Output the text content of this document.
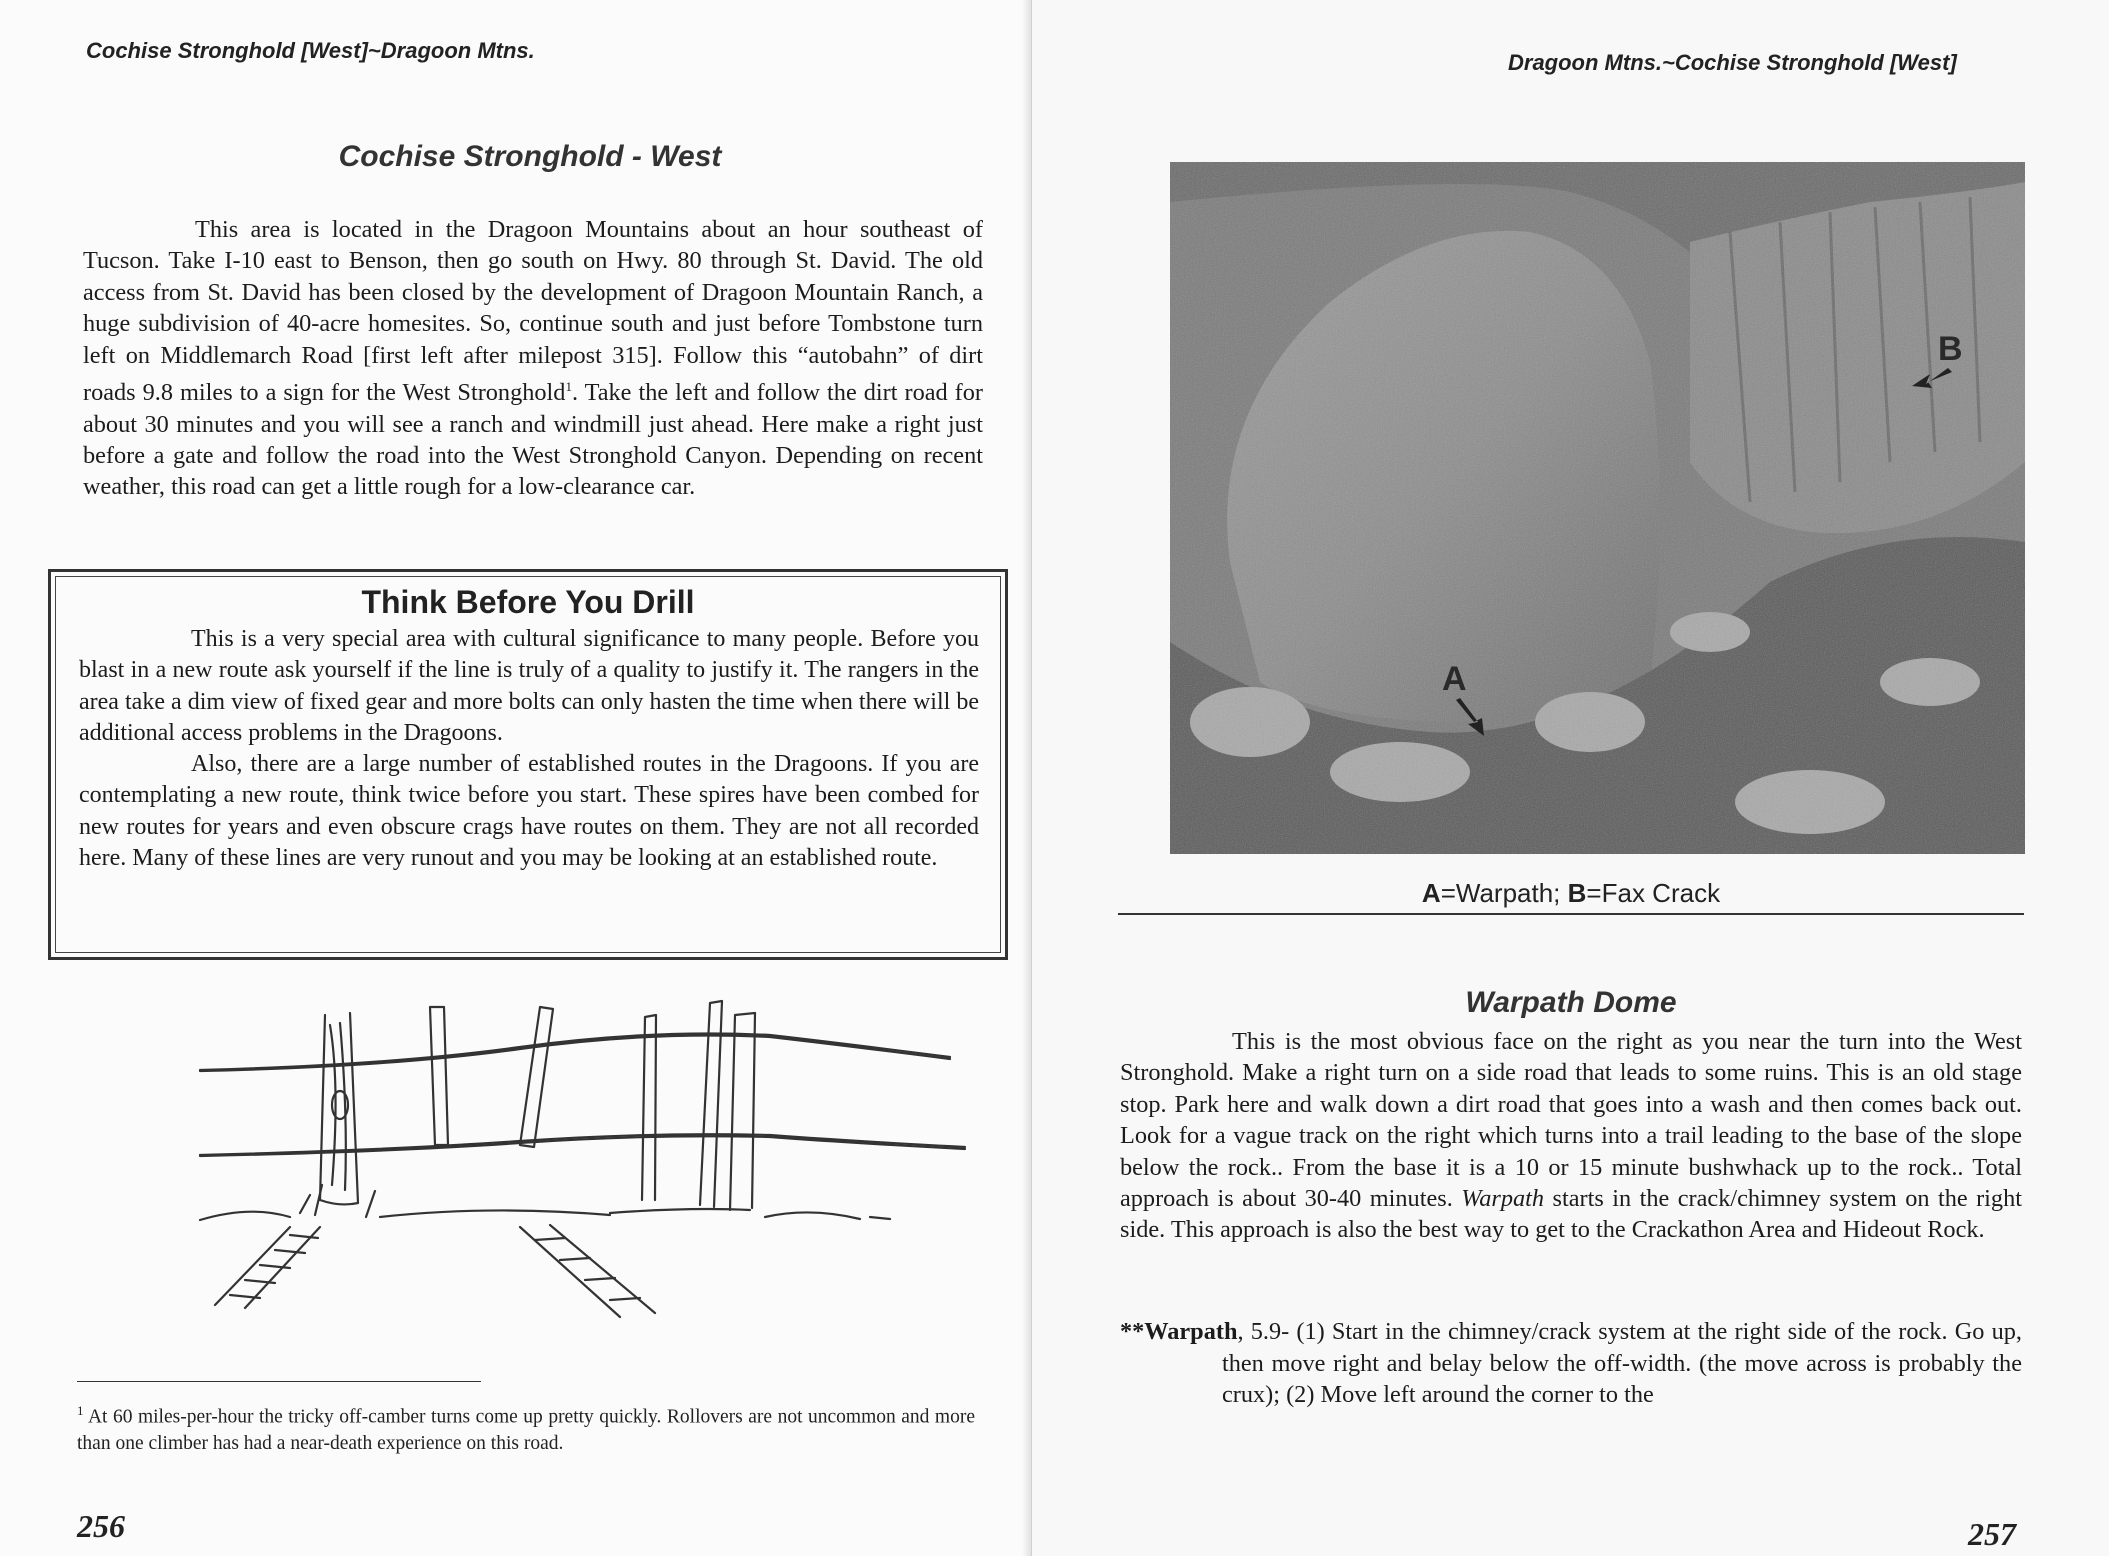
Cochise Stronghold [West]~Dragoon Mtns.
Cochise Stronghold - West

This area is located in the Dragoon Mountains about an hour southeast of Tucson. Take I-10 east to Benson, then go south on Hwy. 80 through St. David. The old access from St. David has been closed by the development of Dragoon Mountain Ranch, a huge subdivision of 40-acre homesites. So, continue south and just before Tombstone turn left on Middlemarch Road [first left after milepost 315]. Follow this “autobahn” of dirt roads 9.8 miles to a sign for the West Stronghold$^1$. Take the left and follow the dirt road for about 30 minutes and you will see a ranch and windmill just ahead. Here make a right just before a gate and follow the road into the West Stronghold Canyon. Depending on recent weather, this road can get a little rough for a low-clearance car.

Think Before You Drill

This is a very special area with cultural significance to many people. Before you blast in a new route ask yourself if the line is truly of a quality to justify it. The rangers in the area take a dim view of fixed gear and more bolts can only hasten the time when there will be additional access problems in the Dragoons.

Also, there are a large number of established routes in the Dragoons. If you are contemplating a new route, think twice before you start. These spires have been combed for new routes for years and even obscure crags have routes on them. They are not all recorded here. Many of these lines are very runout and you may be looking at an established route.

$^1$ At 60 miles-per-hour the tricky off-camber turns come up pretty quickly. Rollovers are not uncommon and more than one climber has had a near-death experience on this road.
256
Dragoon Mtns.~Cochise Stronghold [West]
A
B
A=Warpath; B=Fax Crack
Warpath Dome

This is the most obvious face on the right as you near the turn into the West Stronghold. Make a right turn on a side road that leads to some ruins. This is an old stage stop. Park here and walk down a dirt road that goes into a wash and then comes back out. Look for a vague track on the right which turns into a trail leading to the base of the slope below the rock.. From the base it is a 10 or 15 minute bushwhack up to the rock.. Total approach is about 30-40 minutes. Warpath starts in the crack/chimney system on the right side. This approach is also the best way to get to the Crackathon Area and Hideout Rock.

**Warpath, 5.9- (1) Start in the chimney/crack system at the right side of the rock. Go up, then move right and belay below the off-width. (the move across is probably the crux); (2) Move left around the corner to the
257
